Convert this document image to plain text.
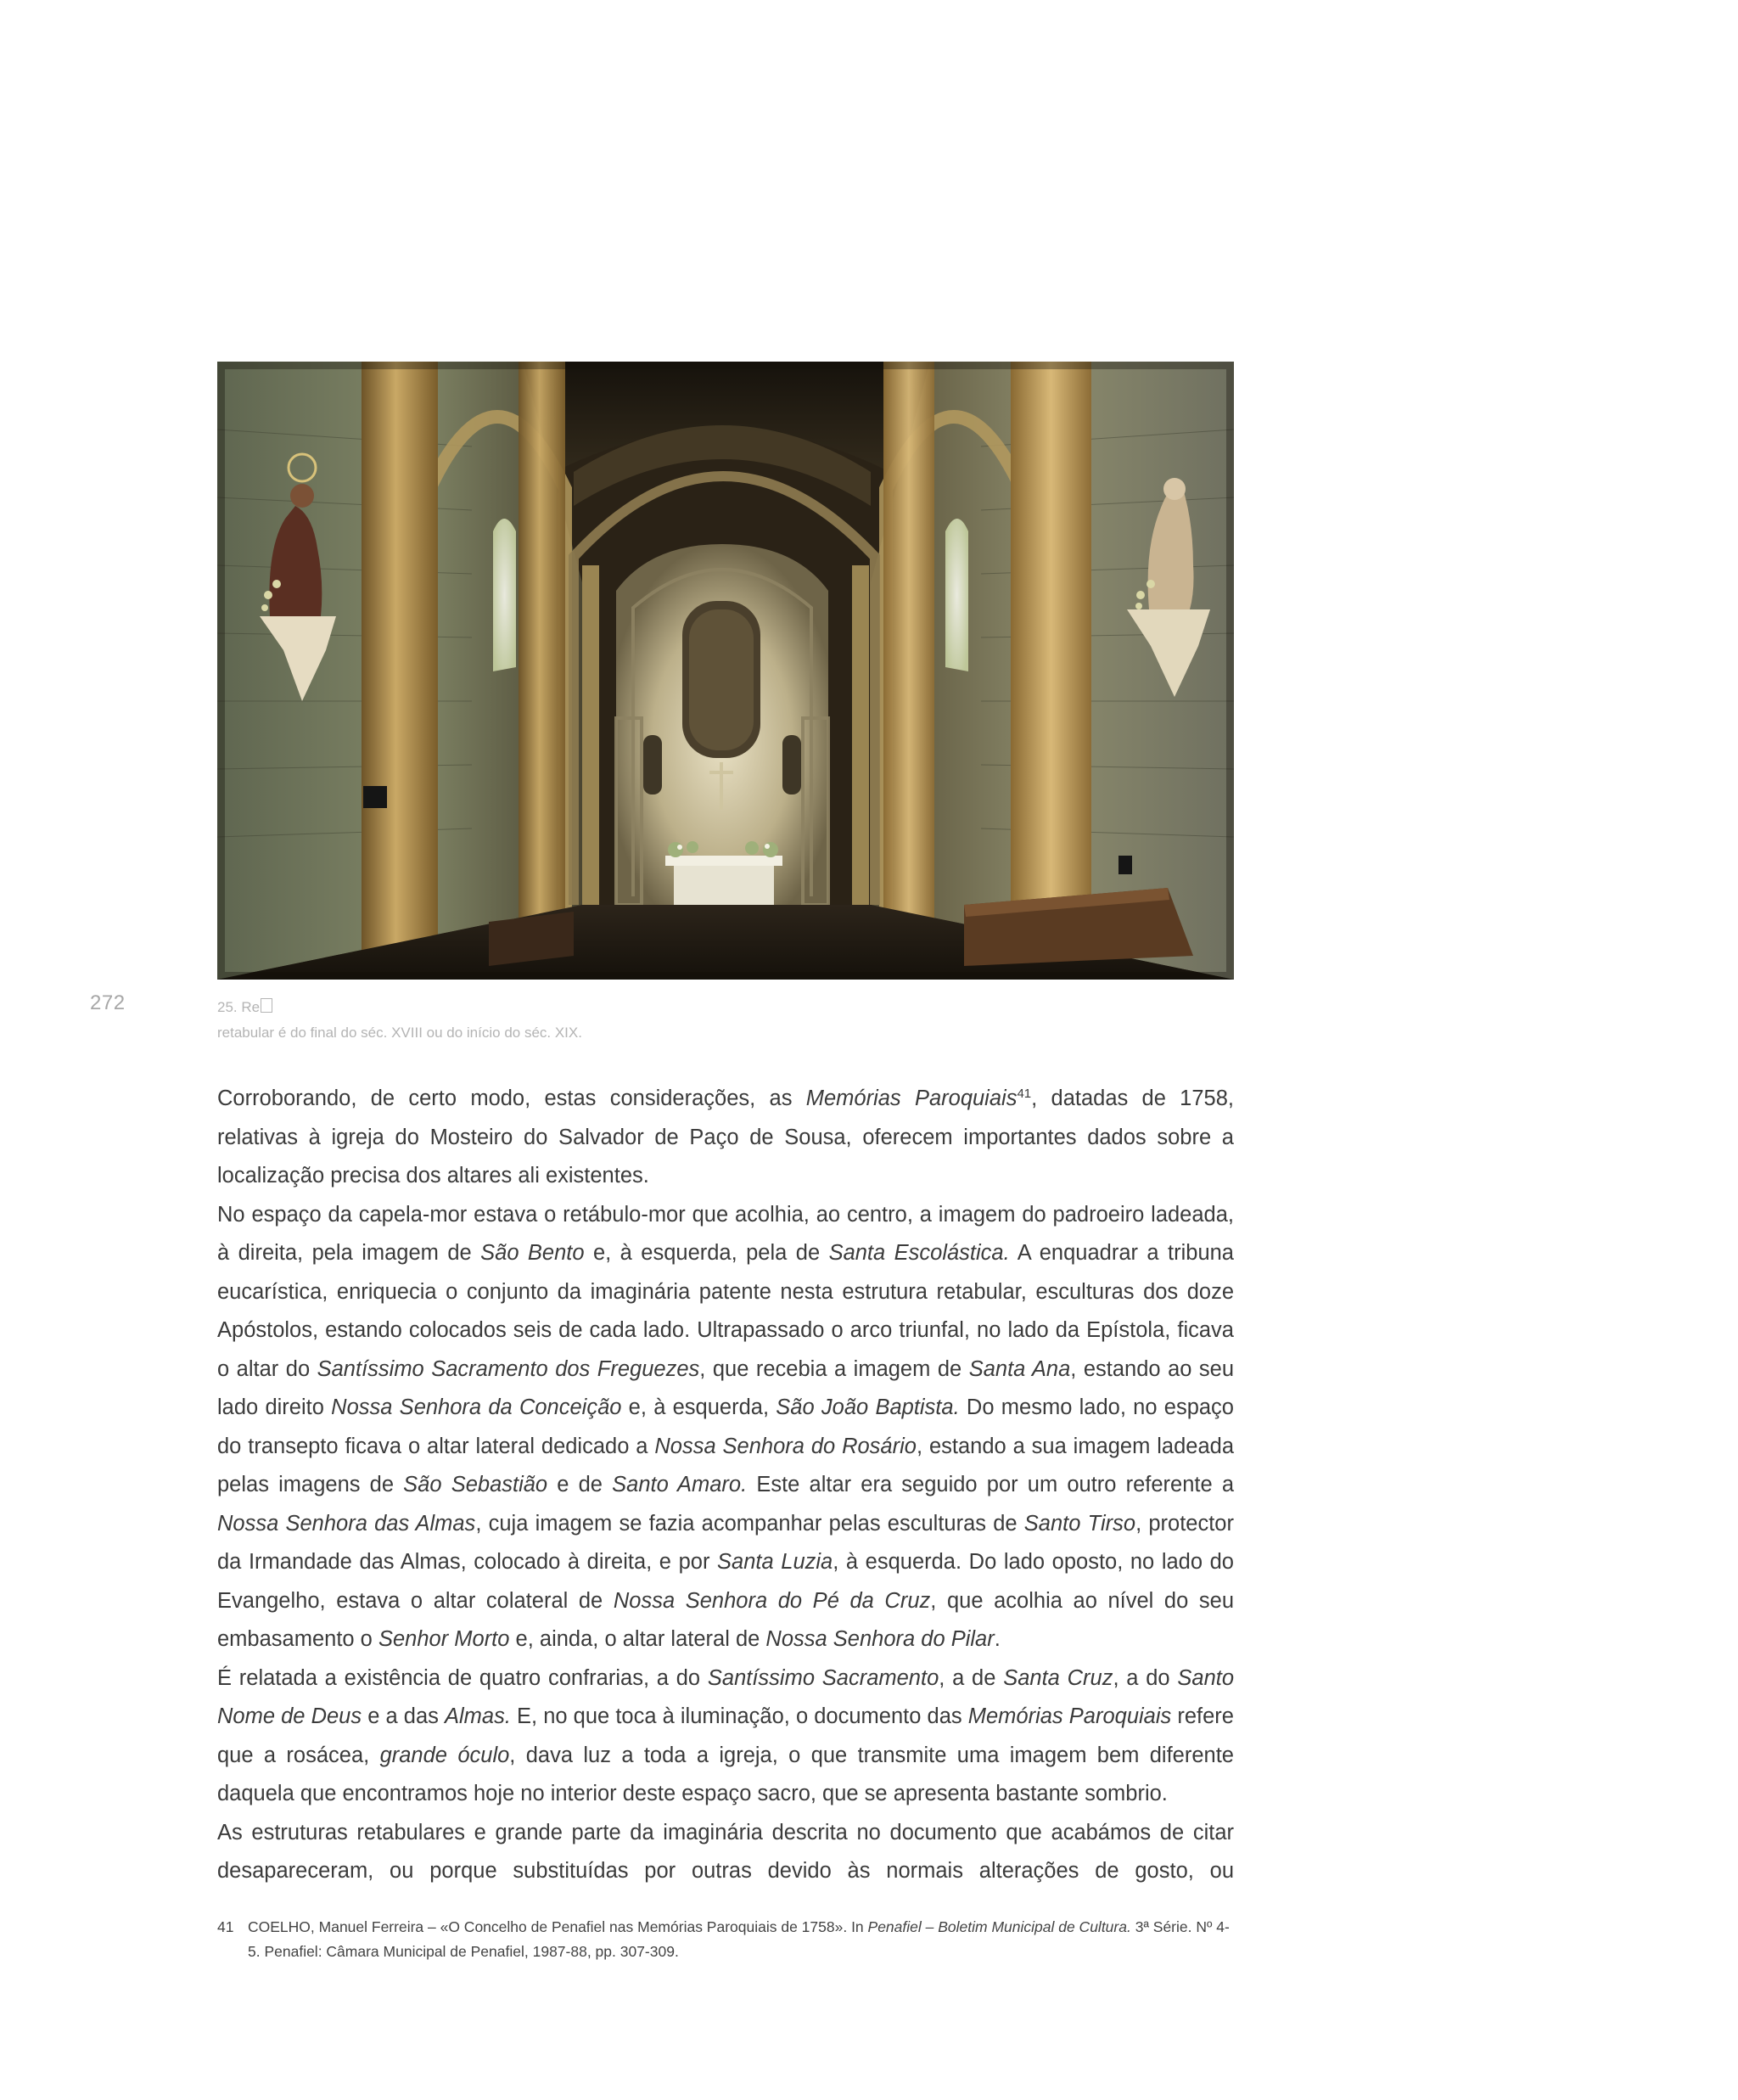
272	25. Re
retabular é do final do séc. XVIII ou do início do séc. XIX.

Corroborando, de certo modo, estas considerações, as Memórias Paroquiais$^{41}$, datadas de 1758, relativas à igreja do Mosteiro do Salvador de Paço de Sousa, oferecem importantes dados sobre a localização precisa dos altares ali existentes.

No espaço da capela-mor estava o retábulo-mor que acolhia, ao centro, a imagem do padroeiro ladeada, à direita, pela imagem de São Bento e, à esquerda, pela de Santa Escolástica. A enquadrar a tribuna eucarística, enriquecia o conjunto da imaginária patente nesta estrutura retabular, esculturas dos doze Apóstolos, estando colocados seis de cada lado. Ultrapassado o arco triunfal, no lado da Epístola, ficava o altar do Santíssimo Sacramento dos Freguezes, que recebia a imagem de Santa Ana, estando ao seu lado direito Nossa Senhora da Conceição e, à esquerda, São João Baptista. Do mesmo lado, no espaço do transepto ficava o altar lateral dedicado a Nossa Senhora do Rosário, estando a sua imagem ladeada pelas imagens de São Sebastião e de Santo Amaro. Este altar era seguido por um outro referente a Nossa Senhora das Almas, cuja imagem se fazia acompanhar pelas esculturas de Santo Tirso, protector da Irmandade das Almas, colocado à direita, e por Santa Luzia, à esquerda. Do lado oposto, no lado do Evangelho, estava o altar colateral de Nossa Senhora do Pé da Cruz, que acolhia ao nível do seu embasamento o Senhor Morto e, ainda, o altar lateral de Nossa Senhora do Pilar.

É relatada a existência de quatro confrarias, a do Santíssimo Sacramento, a de Santa Cruz, a do Santo Nome de Deus e a das Almas. E, no que toca à iluminação, o documento das Memórias Paroquiais refere que a rosácea, grande óculo, dava luz a toda a igreja, o que transmite uma imagem bem diferente daquela que encontramos hoje no interior deste espaço sacro, que se apresenta bastante sombrio.

As estruturas retabulares e grande parte da imaginária descrita no documento que acabámos de citar desapareceram, ou porque substituídas por outras devido às normais alterações de gosto, ou

41 COELHO, Manuel Ferreira – «O Concelho de Penafiel nas Memórias Paroquiais de 1758». In Penafiel – Boletim Municipal de Cultura. 3ª Série. Nº 4-5. Penafiel: Câmara Municipal de Penafiel, 1987-88, pp. 307-309.
